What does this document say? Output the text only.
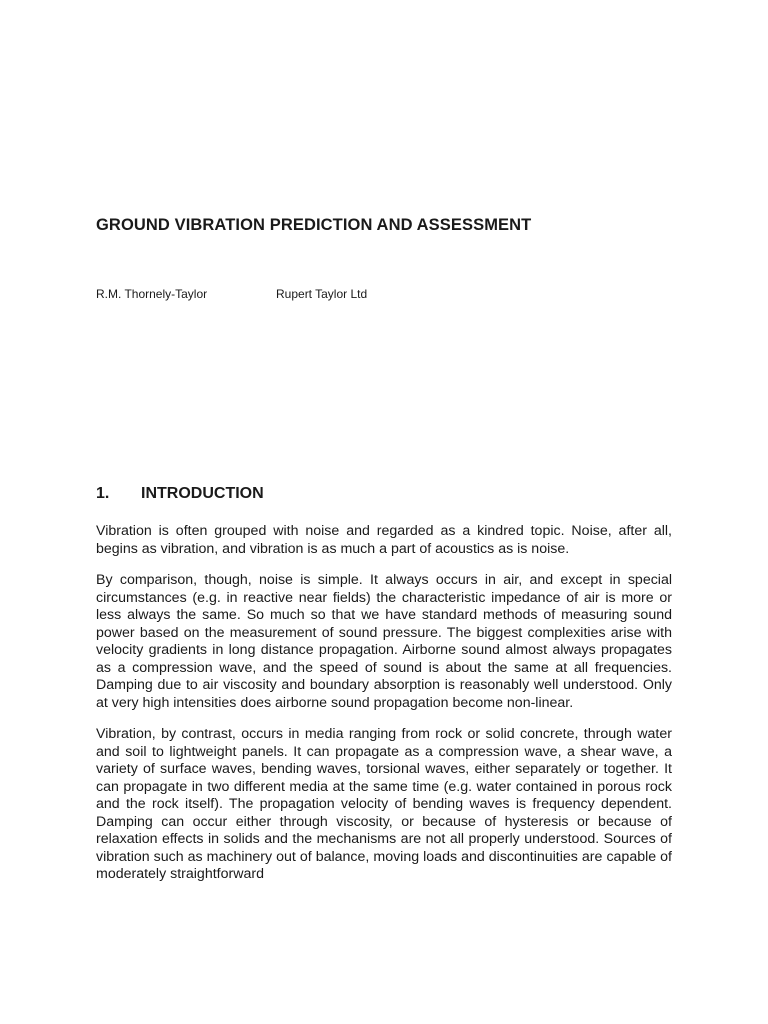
GROUND VIBRATION PREDICTION AND ASSESSMENT
R.M. Thornely-Taylor	Rupert Taylor Ltd
1. INTRODUCTION

Vibration is often grouped with noise and regarded as a kindred topic. Noise, after all, begins as vibration, and vibration is as much a part of acoustics as is noise.

By comparison, though, noise is simple. It always occurs in air, and except in special circumstances (e.g. in reactive near fields) the characteristic impedance of air is more or less always the same. So much so that we have standard methods of measuring sound power based on the measurement of sound pressure. The biggest complexities arise with velocity gradients in long distance propagation. Airborne sound almost always propagates as a compression wave, and the speed of sound is about the same at all frequencies. Damping due to air viscosity and boundary absorption is reasonably well understood. Only at very high intensities does airborne sound propagation become non-linear.

Vibration, by contrast, occurs in media ranging from rock or solid concrete, through water and soil to lightweight panels. It can propagate as a compression wave, a shear wave, a variety of surface waves, bending waves, torsional waves, either separately or together. It can propagate in two different media at the same time (e.g. water contained in porous rock and the rock itself). The propagation velocity of bending waves is frequency dependent. Damping can occur either through viscosity, or because of hysteresis or because of relaxation effects in solids and the mechanisms are not all properly understood. Sources of vibration such as machinery out of balance, moving loads and discontinuities are capable of moderately straightforward
